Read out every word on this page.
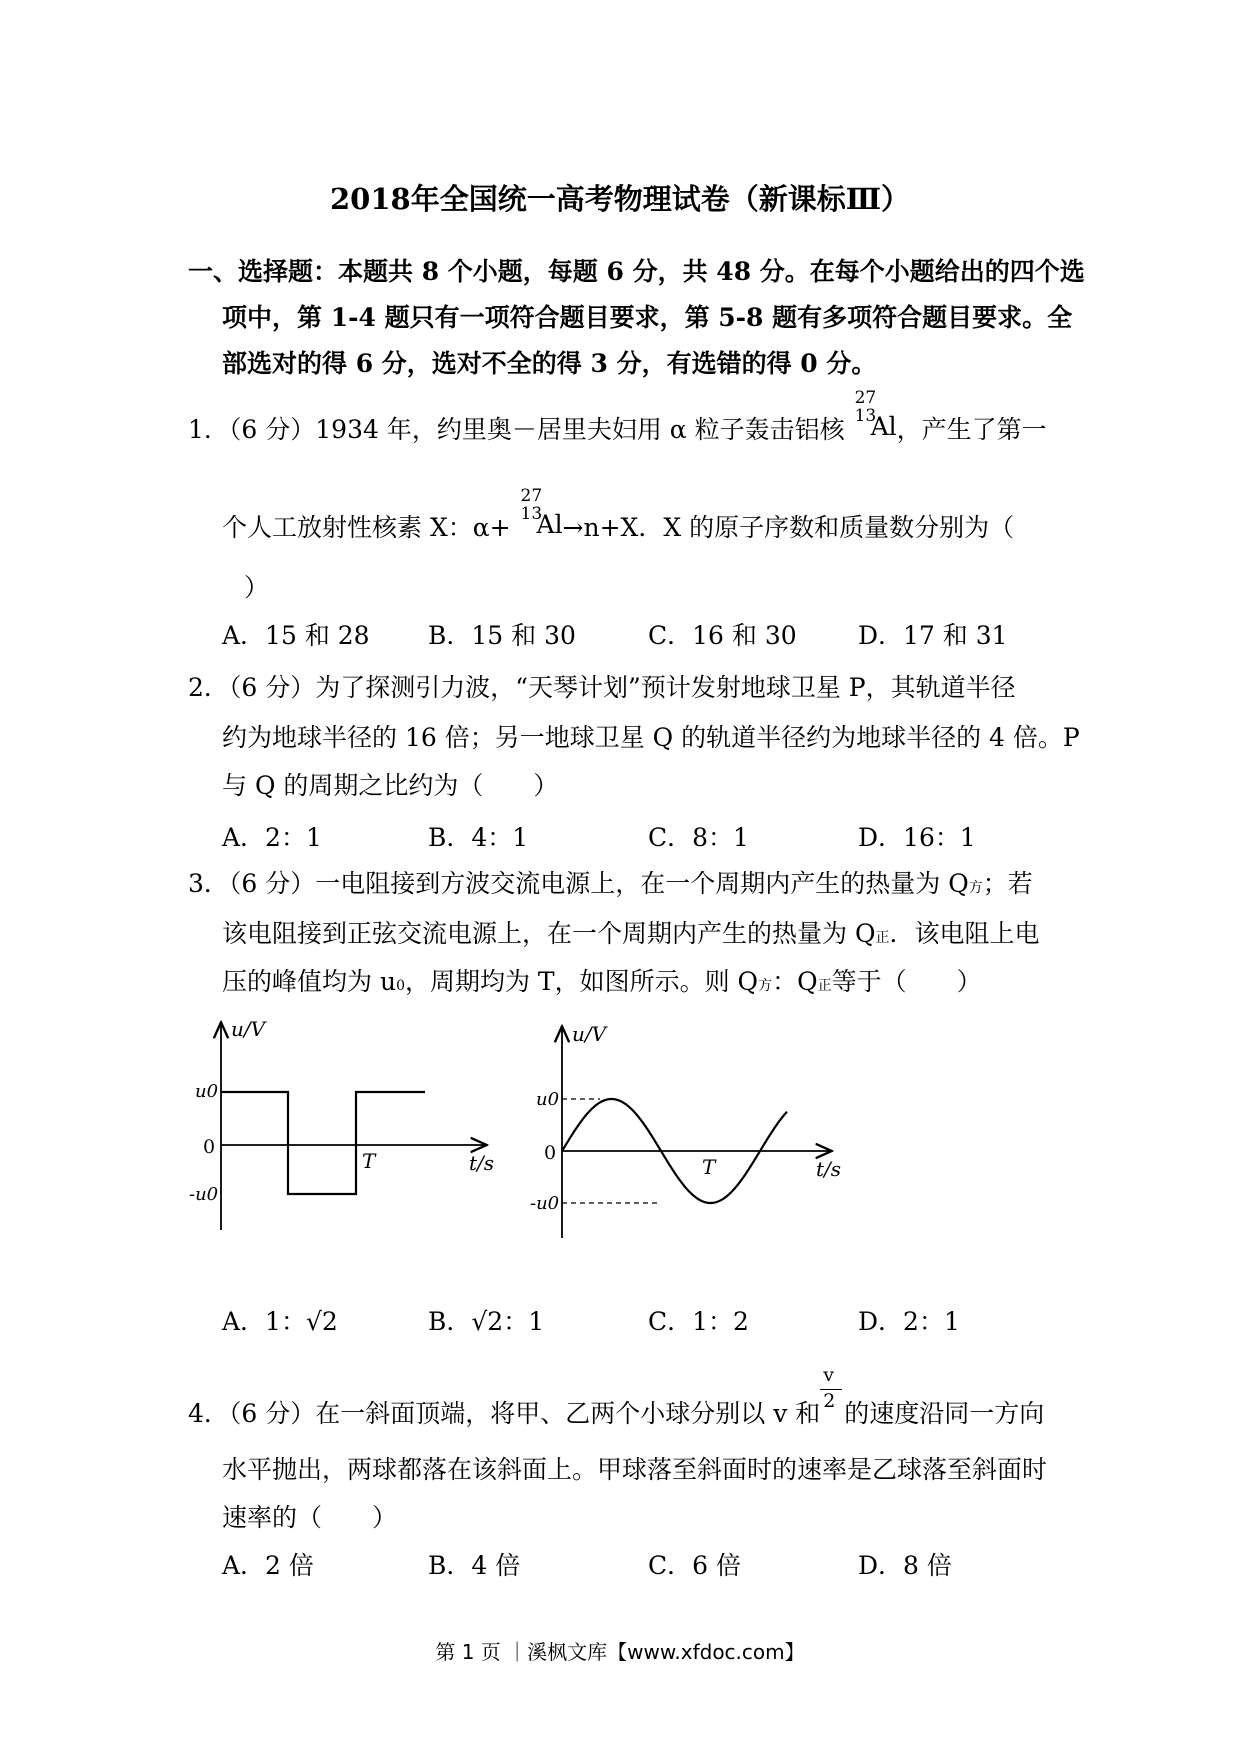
2018年全国统一高考物理试卷（新课标Ⅲ）
一、选择题：本题共 8 个小题，每题 6 分，共 48 分。在每个小题给出的四个选
项中，第 1-4 题只有一项符合题目要求，第 5-8 题有多项符合题目要求。全
部选对的得 6 分，选对不全的得 3 分，有选错的得 0 分。
1．（6 分）1934 年，约里奥－居里夫妇用 α 粒子轰击铝核
27
13
Al ，产生了第一
个人工放射性核素 X：α+
27
13
Al →n+X．X 的原子序数和质量数分别为（
）
A．15 和 28 B．15 和 30	C．16 和 30 D．17 和 31
2．（6 分）为了探测引力波，“天琴计划”预计发射地球卫星 P，其轨道半径
约为地球半径的 16 倍；另一地球卫星 Q 的轨道半径约为地球半径的 4 倍。P
与 Q 的周期之比约为（　　）
A．2：1	B．4：1	C．8：1	D．16：1
3．（6 分）一电阻接到方波交流电源上，在一个周期内产生的热量为 Q方；若
该电阻接到正弦交流电源上，在一个周期内产生的热量为 Q正．该电阻上电
压的峰值均为 u0，周期均为 T，如图所示。则 Q方：Q正等于（　　）
u/V
u0
0
-u0
T	t/s
u/V
u0
0
-u0
T	t/s
A．1：√2	B．√2：1	C．1：2	D．2：1
4．（6 分）在一斜面顶端，将甲、乙两个小球分别以 v 和
$\frac{v}{2}$
的速度沿同一方向
水平抛出，两球都落在该斜面上。甲球落至斜面时的速率是乙球落至斜面时
速率的（　　）
A．2 倍	B．4 倍	C．6 倍	D．8 倍
第 1 页 ｜溪枫文库【www.xfdoc.com】
